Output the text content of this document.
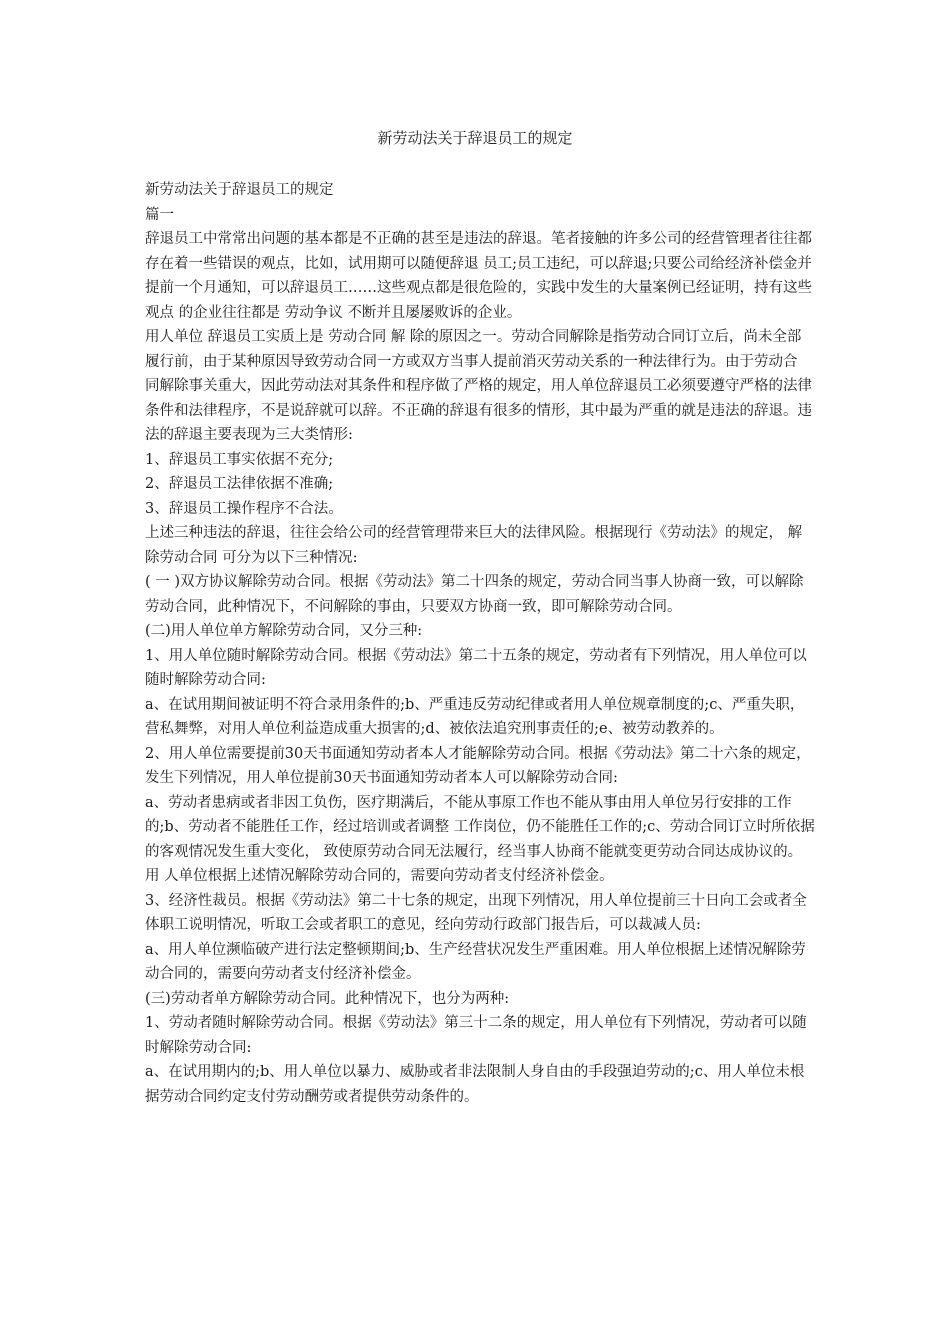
新劳动法关于辞退员工的规定

新劳动法关于辞退员工的规定

篇一

辞退员工中常常出问题的基本都是不正确的甚至是违法的辞退。笔者接触的许多公司的经营管理者往往都存在着一些错误的观点，比如，试用期可以随便辞退 员工;员工违纪，可以辞退;只要公司给经济补偿金并提前一个月通知，可以辞退员工……这些观点都是很危险的，实践中发生的大量案例已经证明，持有这些观点 的企业往往都是 劳动争议 不断并且屡屡败诉的企业。

用人单位 辞退员工实质上是 劳动合同 解 除的原因之一。劳动合同解除是指劳动合同订立后，尚未全部履行前，由于某种原因导致劳动合同一方或双方当事人提前消灭劳动关系的一种法律行为。由于劳动合 同解除事关重大，因此劳动法对其条件和程序做了严格的规定，用人单位辞退员工必须要遵守严格的法律条件和法律程序，不是说辞就可以辞。不正确的辞退有很多的情形，其中最为严重的就是违法的辞退。违法的辞退主要表现为三大类情形:

1、辞退员工事实依据不充分;

2、辞退员工法律依据不准确;

3、辞退员工操作程序不合法。

上述三种违法的辞退，往往会给公司的经营管理带来巨大的法律风险。根据现行《劳动法》的规定， 解除劳动合同 可分为以下三种情况:

( 一 )双方协议解除劳动合同。根据《劳动法》第二十四条的规定，劳动合同当事人协商一致，可以解除劳动合同，此种情况下，不问解除的事由，只要双方协商一致，即可解除劳动合同。

(二)用人单位单方解除劳动合同，又分三种:

1、用人单位随时解除劳动合同。根据《劳动法》第二十五条的规定，劳动者有下列情况，用人单位可以随时解除劳动合同:

a、在试用期间被证明不符合录用条件的;b、严重违反劳动纪律或者用人单位规章制度的;c、严重失职，营私舞弊，对用人单位利益造成重大损害的;d、被依法追究刑事责任的;e、被劳动教养的。

2、用人单位需要提前30天书面通知劳动者本人才能解除劳动合同。根据《劳动法》第二十六条的规定，发生下列情况，用人单位提前30天书面通知劳动者本人可以解除劳动合同:

a、劳动者患病或者非因工负伤，医疗期满后，不能从事原工作也不能从事由用人单位另行安排的工作的;b、劳动者不能胜任工作，经过培训或者调整 工作岗位，仍不能胜任工作的;c、劳动合同订立时所依据的客观情况发生重大变化， 致使原劳动合同无法履行，经当事人协商不能就变更劳动合同达成协议的。用 人单位根据上述情况解除劳动合同的，需要向劳动者支付经济补偿金。

3、经济性裁员。根据《劳动法》第二十七条的规定，出现下列情况，用人单位提前三十日向工会或者全体职工说明情况，听取工会或者职工的意见，经向劳动行政部门报告后，可以裁减人员:

a、用人单位濒临破产进行法定整顿期间;b、生产经营状况发生严重困难。用人单位根据上述情况解除劳动合同的，需要向劳动者支付经济补偿金。

(三)劳动者单方解除劳动合同。此种情况下，也分为两种:

1、劳动者随时解除劳动合同。根据《劳动法》第三十二条的规定，用人单位有下列情况，劳动者可以随时解除劳动合同:

a、在试用期内的;b、用人单位以暴力、威胁或者非法限制人身自由的手段强迫劳动的;c、用人单位未根据劳动合同约定支付劳动酬劳或者提供劳动条件的。
